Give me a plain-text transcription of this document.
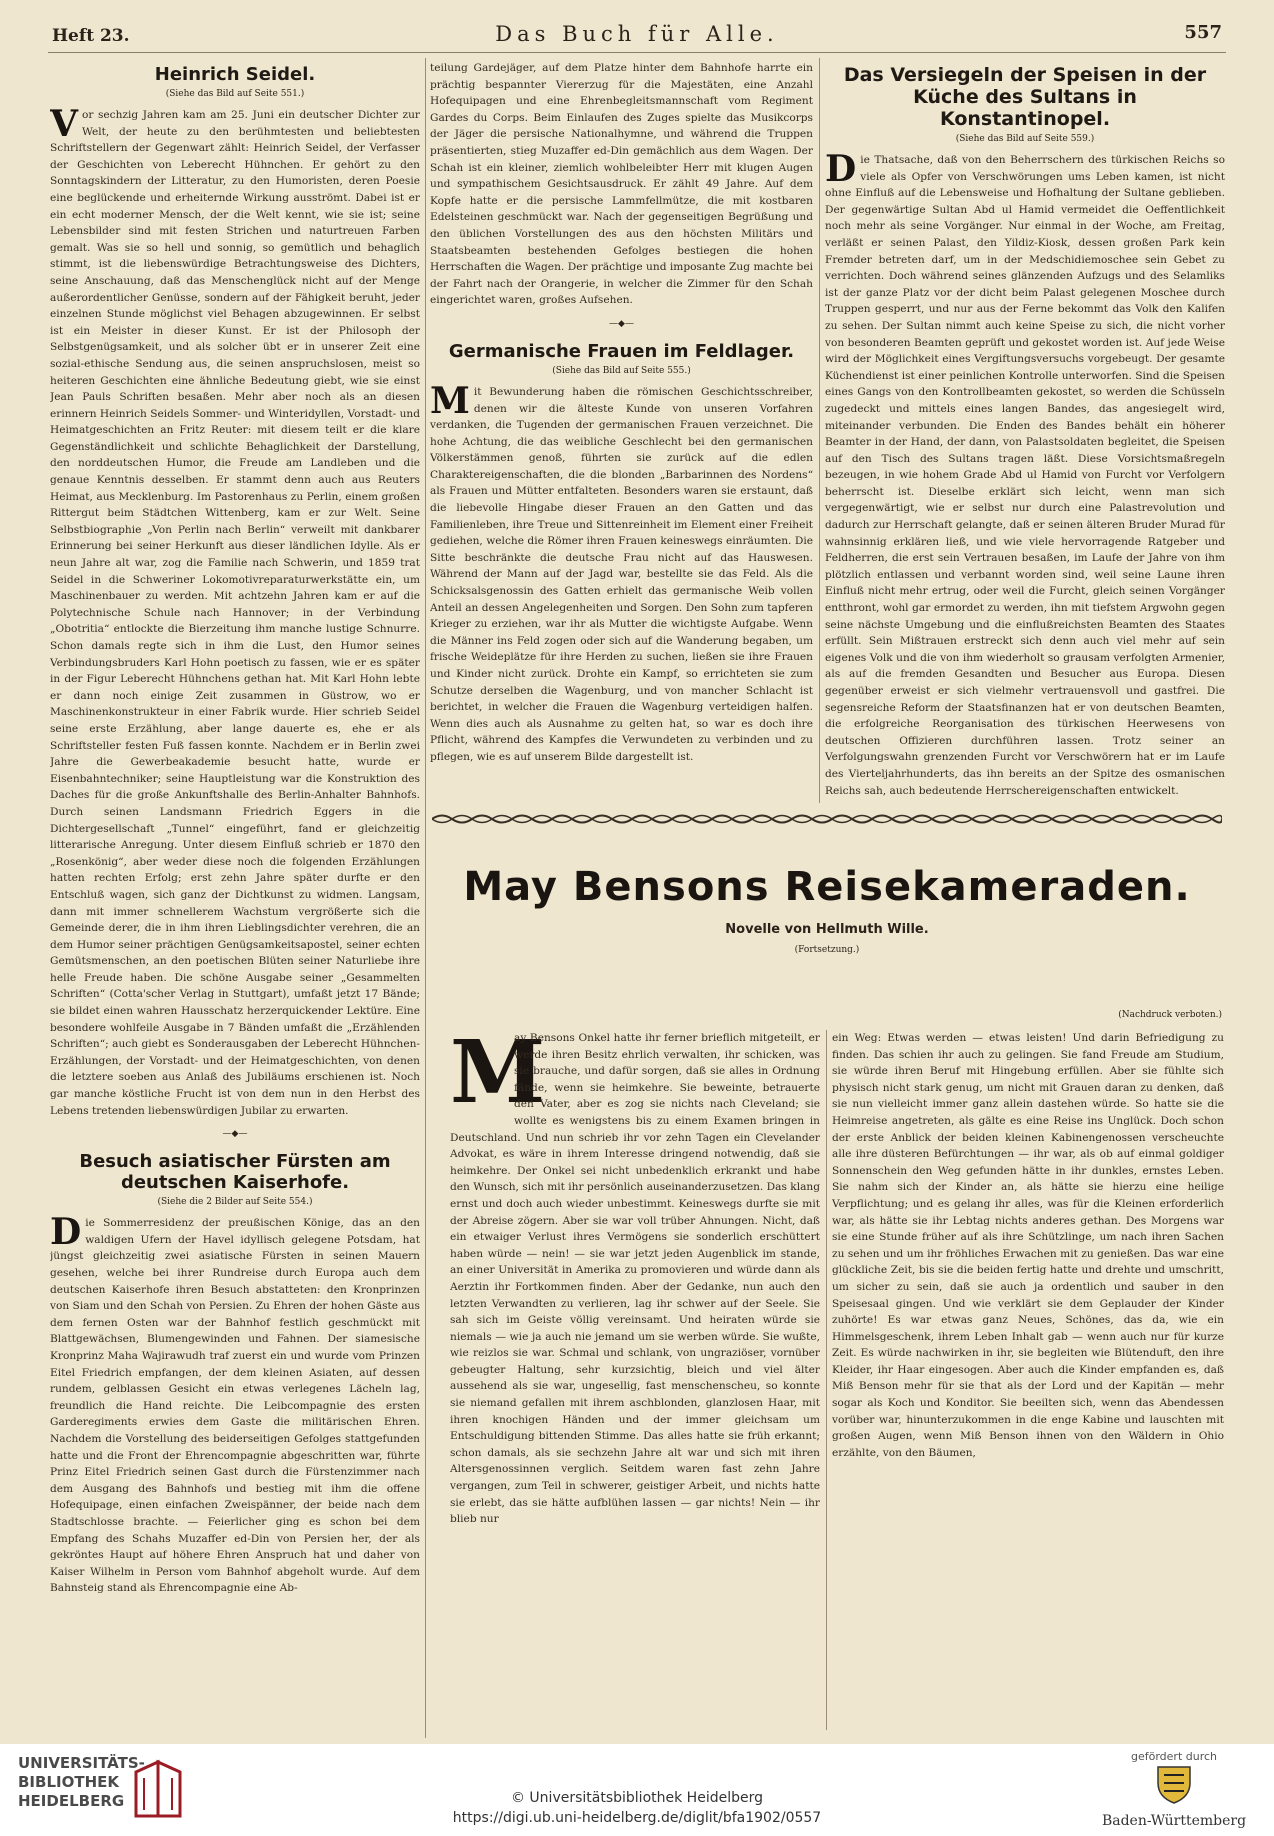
Heft 23.	Das Buch für Alle.	557
Heinrich Seidel.
(Siehe das Bild auf Seite 551.)

Vor sechzig Jahren kam am 25. Juni ein deutscher Dichter zur Welt, der heute zu den berühmtesten und beliebtesten Schriftstellern der Gegenwart zählt: Heinrich Seidel, der Verfasser der Geschichten von Leberecht Hühnchen. Er gehört zu den Sonntagskindern der Litteratur, zu den Humoristen, deren Poesie eine beglückende und erheiternde Wirkung ausströmt. Dabei ist er ein echt moderner Mensch, der die Welt kennt, wie sie ist; seine Lebensbilder sind mit festen Strichen und naturtreuen Farben gemalt. Was sie so hell und sonnig, so gemütlich und behaglich stimmt, ist die liebenswürdige Betrachtungsweise des Dichters, seine Anschauung, daß das Menschenglück nicht auf der Menge außerordentlicher Genüsse, sondern auf der Fähigkeit beruht, jeder einzelnen Stunde möglichst viel Behagen abzugewinnen. Er selbst ist ein Meister in dieser Kunst. Er ist der Philosoph der Selbstgenügsamkeit, und als solcher übt er in unserer Zeit eine sozial-ethische Sendung aus, die seinen anspruchslosen, meist so heiteren Geschichten eine ähnliche Bedeutung giebt, wie sie einst Jean Pauls Schriften besaßen. Mehr aber noch als an diesen erinnern Heinrich Seidels Sommer- und Winteridyllen, Vorstadt- und Heimatgeschichten an Fritz Reuter: mit diesem teilt er die klare Gegenständlichkeit und schlichte Behaglichkeit der Darstellung, den norddeutschen Humor, die Freude am Landleben und die genaue Kenntnis desselben. Er stammt denn auch aus Reuters Heimat, aus Mecklenburg. Im Pastorenhaus zu Perlin, einem großen Rittergut beim Städtchen Wittenberg, kam er zur Welt. Seine Selbstbiographie „Von Perlin nach Berlin“ verweilt mit dankbarer Erinnerung bei seiner Herkunft aus dieser ländlichen Idylle. Als er neun Jahre alt war, zog die Familie nach Schwerin, und 1859 trat Seidel in die Schweriner Lokomotivreparaturwerkstätte ein, um Maschinenbauer zu werden. Mit achtzehn Jahren kam er auf die Polytechnische Schule nach Hannover; in der Verbindung „Obotritia“ entlockte die Bierzeitung ihm manche lustige Schnurre. Schon damals regte sich in ihm die Lust, den Humor seines Verbindungsbruders Karl Hohn poetisch zu fassen, wie er es später in der Figur Leberecht Hühnchens gethan hat. Mit Karl Hohn lebte er dann noch einige Zeit zusammen in Güstrow, wo er Maschinenkonstrukteur in einer Fabrik wurde. Hier schrieb Seidel seine erste Erzählung, aber lange dauerte es, ehe er als Schriftsteller festen Fuß fassen konnte. Nachdem er in Berlin zwei Jahre die Gewerbeakademie besucht hatte, wurde er Eisenbahntechniker; seine Hauptleistung war die Konstruktion des Daches für die große Ankunftshalle des Berlin-Anhalter Bahnhofs. Durch seinen Landsmann Friedrich Eggers in die Dichtergesellschaft „Tunnel“ eingeführt, fand er gleichzeitig litterarische Anregung. Unter diesem Einfluß schrieb er 1870 den „Rosenkönig“, aber weder diese noch die folgenden Erzählungen hatten rechten Erfolg; erst zehn Jahre später durfte er den Entschluß wagen, sich ganz der Dichtkunst zu widmen. Langsam, dann mit immer schnellerem Wachstum vergrößerte sich die Gemeinde derer, die in ihm ihren Lieblingsdichter verehren, die an dem Humor seiner prächtigen Genügsamkeitsapostel, seiner echten Gemütsmenschen, an den poetischen Blüten seiner Naturliebe ihre helle Freude haben. Die schöne Ausgabe seiner „Gesammelten Schriften“ (Cotta'scher Verlag in Stuttgart), umfaßt jetzt 17 Bände; sie bildet einen wahren Hausschatz herzerquickender Lektüre. Eine besondere wohlfeile Ausgabe in 7 Bänden umfaßt die „Erzählenden Schriften“; auch giebt es Sonderausgaben der Leberecht Hühnchen-Erzählungen, der Vorstadt- und der Heimatgeschichten, von denen die letztere soeben aus Anlaß des Jubiläums erschienen ist. Noch gar manche köstliche Frucht ist von dem nun in den Herbst des Lebens tretenden liebenswürdigen Jubilar zu erwarten.

—◆—
Besuch asiatischer Fürsten am deutschen Kaiserhofe.
(Siehe die 2 Bilder auf Seite 554.)

Die Sommerresidenz der preußischen Könige, das an den waldigen Ufern der Havel idyllisch gelegene Potsdam, hat jüngst gleichzeitig zwei asiatische Fürsten in seinen Mauern gesehen, welche bei ihrer Rundreise durch Europa auch dem deutschen Kaiserhofe ihren Besuch abstatteten: den Kronprinzen von Siam und den Schah von Persien. Zu Ehren der hohen Gäste aus dem fernen Osten war der Bahnhof festlich geschmückt mit Blattgewächsen, Blumengewinden und Fahnen. Der siamesische Kronprinz Maha Wajirawudh traf zuerst ein und wurde vom Prinzen Eitel Friedrich empfangen, der dem kleinen Asiaten, auf dessen rundem, gelblassen Gesicht ein etwas verlegenes Lächeln lag, freundlich die Hand reichte. Die Leibcompagnie des ersten Garderegiments erwies dem Gaste die militärischen Ehren. Nachdem die Vorstellung des beiderseitigen Gefolges stattgefunden hatte und die Front der Ehrencompagnie abgeschritten war, führte Prinz Eitel Friedrich seinen Gast durch die Fürstenzimmer nach dem Ausgang des Bahnhofs und bestieg mit ihm die offene Hofequipage, einen einfachen Zweispänner, der beide nach dem Stadtschlosse brachte. — Feierlicher ging es schon bei dem Empfang des Schahs Muzaffer ed-Din von Persien her, der als gekröntes Haupt auf höhere Ehren Anspruch hat und daher von Kaiser Wilhelm in Person vom Bahnhof abgeholt wurde. Auf dem Bahnsteig stand als Ehrencompagnie eine Ab-

teilung Gardejäger, auf dem Platze hinter dem Bahnhofe harrte ein prächtig bespannter Viererzug für die Majestäten, eine Anzahl Hofequipagen und eine Ehrenbegleitsmannschaft vom Regiment Gardes du Corps. Beim Einlaufen des Zuges spielte das Musikcorps der Jäger die persische Nationalhymne, und während die Truppen präsentierten, stieg Muzaffer ed-Din gemächlich aus dem Wagen. Der Schah ist ein kleiner, ziemlich wohlbeleibter Herr mit klugen Augen und sympathischem Gesichtsausdruck. Er zählt 49 Jahre. Auf dem Kopfe hatte er die persische Lammfellmütze, die mit kostbaren Edelsteinen geschmückt war. Nach der gegenseitigen Begrüßung und den üblichen Vorstellungen des aus den höchsten Militärs und Staatsbeamten bestehenden Gefolges bestiegen die hohen Herrschaften die Wagen. Der prächtige und imposante Zug machte bei der Fahrt nach der Orangerie, in welcher die Zimmer für den Schah eingerichtet waren, großes Aufsehen.

—◆—
Germanische Frauen im Feldlager.
(Siehe das Bild auf Seite 555.)

Mit Bewunderung haben die römischen Geschichtsschreiber, denen wir die älteste Kunde von unseren Vorfahren verdanken, die Tugenden der germanischen Frauen verzeichnet. Die hohe Achtung, die das weibliche Geschlecht bei den germanischen Völkerstämmen genoß, führten sie zurück auf die edlen Charaktereigenschaften, die die blonden „Barbarinnen des Nordens“ als Frauen und Mütter entfalteten. Besonders waren sie erstaunt, daß die liebevolle Hingabe dieser Frauen an den Gatten und das Familienleben, ihre Treue und Sittenreinheit im Element einer Freiheit gediehen, welche die Römer ihren Frauen keineswegs einräumten. Die Sitte beschränkte die deutsche Frau nicht auf das Hauswesen. Während der Mann auf der Jagd war, bestellte sie das Feld. Als die Schicksalsgenossin des Gatten erhielt das germanische Weib vollen Anteil an dessen Angelegenheiten und Sorgen. Den Sohn zum tapferen Krieger zu erziehen, war ihr als Mutter die wichtigste Aufgabe. Wenn die Männer ins Feld zogen oder sich auf die Wanderung begaben, um frische Weideplätze für ihre Herden zu suchen, ließen sie ihre Frauen und Kinder nicht zurück. Drohte ein Kampf, so errichteten sie zum Schutze derselben die Wagenburg, und von mancher Schlacht ist berichtet, in welcher die Frauen die Wagenburg verteidigen halfen. Wenn dies auch als Ausnahme zu gelten hat, so war es doch ihre Pflicht, während des Kampfes die Verwundeten zu verbinden und zu pflegen, wie es auf unserem Bilde dargestellt ist.

Das Versiegeln der Speisen in der Küche des Sultans in Konstantinopel.
(Siehe das Bild auf Seite 559.)

Die Thatsache, daß von den Beherrschern des türkischen Reichs so viele als Opfer von Verschwörungen ums Leben kamen, ist nicht ohne Einfluß auf die Lebensweise und Hofhaltung der Sultane geblieben. Der gegenwärtige Sultan Abd ul Hamid vermeidet die Oeffentlichkeit noch mehr als seine Vorgänger. Nur einmal in der Woche, am Freitag, verläßt er seinen Palast, den Yildiz-Kiosk, dessen großen Park kein Fremder betreten darf, um in der Medschidiemoschee sein Gebet zu verrichten. Doch während seines glänzenden Aufzugs und des Selamliks ist der ganze Platz vor der dicht beim Palast gelegenen Moschee durch Truppen gesperrt, und nur aus der Ferne bekommt das Volk den Kalifen zu sehen. Der Sultan nimmt auch keine Speise zu sich, die nicht vorher von besonderen Beamten geprüft und gekostet worden ist. Auf jede Weise wird der Möglichkeit eines Vergiftungsversuchs vorgebeugt. Der gesamte Küchendienst ist einer peinlichen Kontrolle unterworfen. Sind die Speisen eines Gangs von den Kontrollbeamten gekostet, so werden die Schüsseln zugedeckt und mittels eines langen Bandes, das angesiegelt wird, miteinander verbunden. Die Enden des Bandes behält ein höherer Beamter in der Hand, der dann, von Palastsoldaten begleitet, die Speisen auf den Tisch des Sultans tragen läßt. Diese Vorsichtsmaßregeln bezeugen, in wie hohem Grade Abd ul Hamid von Furcht vor Verfolgern beherrscht ist. Dieselbe erklärt sich leicht, wenn man sich vergegenwärtigt, wie er selbst nur durch eine Palastrevolution und dadurch zur Herrschaft gelangte, daß er seinen älteren Bruder Murad für wahnsinnig erklären ließ, und wie viele hervorragende Ratgeber und Feldherren, die erst sein Vertrauen besaßen, im Laufe der Jahre von ihm plötzlich entlassen und verbannt worden sind, weil seine Laune ihren Einfluß nicht mehr ertrug, oder weil die Furcht, gleich seinen Vorgänger entthront, wohl gar ermordet zu werden, ihn mit tiefstem Argwohn gegen seine nächste Umgebung und die einflußreichsten Beamten des Staates erfüllt. Sein Mißtrauen erstreckt sich denn auch viel mehr auf sein eigenes Volk und die von ihm wiederholt so grausam verfolgten Armenier, als auf die fremden Gesandten und Besucher aus Europa. Diesen gegenüber erweist er sich vielmehr vertrauensvoll und gastfrei. Die segensreiche Reform der Staatsfinanzen hat er von deutschen Beamten, die erfolgreiche Reorganisation des türkischen Heerwesens von deutschen Offizieren durchführen lassen. Trotz seiner an Verfolgungswahn grenzenden Furcht vor Verschwörern hat er im Laufe des Vierteljahrhunderts, das ihn bereits an der Spitze des osmanischen Reichs sah, auch bedeutende Herrschereigenschaften entwickelt.

May Bensons Reisekameraden.
Novelle von Hellmuth Wille.
(Fortsetzung.)
(Nachdruck verboten.)

M
ay Bensons Onkel hatte ihr ferner brieflich mitgeteilt, er werde ihren Besitz ehrlich verwalten, ihr schicken, was sie brauche, und dafür sorgen, daß sie alles in Ordnung fände, wenn sie heimkehre. Sie beweinte, betrauerte den Vater, aber es zog sie nichts nach Cleveland; sie wollte es wenigstens bis zu einem Examen bringen in Deutschland. Und nun schrieb ihr vor zehn Tagen ein Clevelander Advokat, es wäre in ihrem Interesse dringend notwendig, daß sie heimkehre. Der Onkel sei nicht unbedenklich erkrankt und habe den Wunsch, sich mit ihr persönlich auseinanderzusetzen. Das klang ernst und doch auch wieder unbestimmt. Keineswegs durfte sie mit der Abreise zögern. Aber sie war voll trüber Ahnungen. Nicht, daß ein etwaiger Verlust ihres Vermögens sie sonderlich erschüttert haben würde — nein! — sie war jetzt jeden Augenblick im stande, an einer Universität in Amerika zu promovieren und würde dann als Aerztin ihr Fortkommen finden. Aber der Gedanke, nun auch den letzten Verwandten zu verlieren, lag ihr schwer auf der Seele. Sie sah sich im Geiste völlig vereinsamt. Und heiraten würde sie niemals — wie ja auch nie jemand um sie werben würde. Sie wußte, wie reizlos sie war. Schmal und schlank, von ungraziöser, vornüber gebeugter Haltung, sehr kurzsichtig, bleich und viel älter aussehend als sie war, ungesellig, fast menschenscheu, so konnte sie niemand gefallen mit ihrem aschblonden, glanzlosen Haar, mit ihren knochigen Händen und der immer gleichsam um Entschuldigung bittenden Stimme. Das alles hatte sie früh erkannt; schon damals, als sie sechzehn Jahre alt war und sich mit ihren Altersgenossinnen verglich. Seitdem waren fast zehn Jahre vergangen, zum Teil in schwerer, geistiger Arbeit, und nichts hatte sie erlebt, das sie hätte aufblühen lassen — gar nichts! Nein — ihr blieb nur

ein Weg: Etwas werden — etwas leisten! Und darin Befriedigung zu finden. Das schien ihr auch zu gelingen. Sie fand Freude am Studium, sie würde ihren Beruf mit Hingebung erfüllen. Aber sie fühlte sich physisch nicht stark genug, um nicht mit Grauen daran zu denken, daß sie nun vielleicht immer ganz allein dastehen würde. So hatte sie die Heimreise angetreten, als gälte es eine Reise ins Unglück. Doch schon der erste Anblick der beiden kleinen Kabinengenossen verscheuchte alle ihre düsteren Befürchtungen — ihr war, als ob auf einmal goldiger Sonnenschein den Weg gefunden hätte in ihr dunkles, ernstes Leben. Sie nahm sich der Kinder an, als hätte sie hierzu eine heilige Verpflichtung; und es gelang ihr alles, was für die Kleinen erforderlich war, als hätte sie ihr Lebtag nichts anderes gethan. Des Morgens war sie eine Stunde früher auf als ihre Schützlinge, um nach ihren Sachen zu sehen und um ihr fröhliches Erwachen mit zu genießen. Das war eine glückliche Zeit, bis sie die beiden fertig hatte und drehte und umschritt, um sicher zu sein, daß sie auch ja ordentlich und sauber in den Speisesaal gingen. Und wie verklärt sie dem Geplauder der Kinder zuhörte! Es war etwas ganz Neues, Schönes, das da, wie ein Himmelsgeschenk, ihrem Leben Inhalt gab — wenn auch nur für kurze Zeit. Es würde nachwirken in ihr, sie begleiten wie Blütenduft, den ihre Kleider, ihr Haar eingesogen. Aber auch die Kinder empfanden es, daß Miß Benson mehr für sie that als der Lord und der Kapitän — mehr sogar als Koch und Konditor. Sie beeilten sich, wenn das Abendessen vorüber war, hinunterzukommen in die enge Kabine und lauschten mit großen Augen, wenn Miß Benson ihnen von den Wäldern in Ohio erzählte, von den Bäumen,

UNIVERSITÄTS-
BIBLIOTHEK
HEIDELBERG	© Universitätsbibliothek Heidelberg
https://digi.ub.uni-heidelberg.de/diglit/bfa1902/0557
gefördert durch
Baden-Württemberg
